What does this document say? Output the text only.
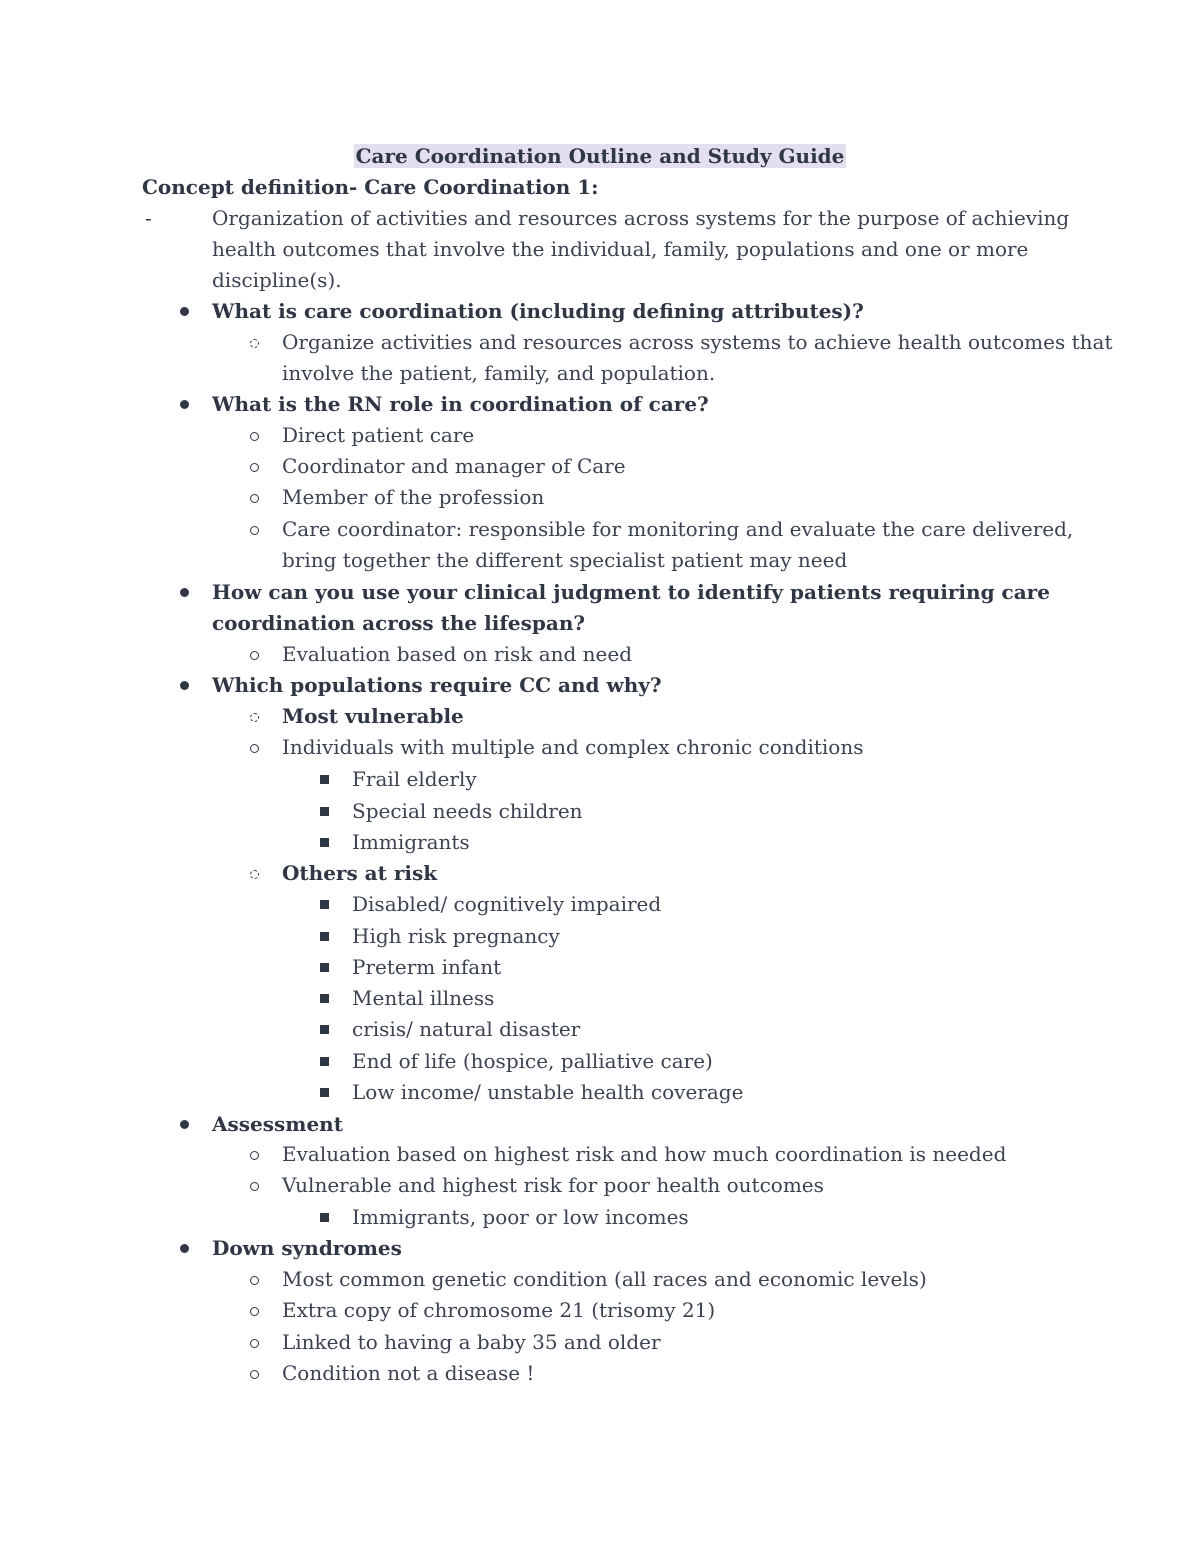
Care Coordination Outline and Study Guide
Concept definition- Care Coordination 1:
-	Organization of activities and resources across systems for the purpose of achieving
health outcomes that involve the individual, family, populations and one or more
discipline(s).
What is care coordination (including defining attributes)?
Organize activities and resources across systems to achieve health outcomes that
involve the patient, family, and population.
What is the RN role in coordination of care?
Direct patient care
Coordinator and manager of Care
Member of the profession
Care coordinator: responsible for monitoring and evaluate the care delivered,
bring together the different specialist patient may need
How can you use your clinical judgment to identify patients requiring care
coordination across the lifespan?
Evaluation based on risk and need
Which populations require CC and why?
Most vulnerable
Individuals with multiple and complex chronic conditions
Frail elderly
Special needs children
Immigrants
Others at risk
Disabled/ cognitively impaired
High risk pregnancy
Preterm infant
Mental illness
crisis/ natural disaster
End of life (hospice, palliative care)
Low income/ unstable health coverage
Assessment
Evaluation based on highest risk and how much coordination is needed
Vulnerable and highest risk for poor health outcomes
Immigrants, poor or low incomes
Down syndromes
Most common genetic condition (all races and economic levels)
Extra copy of chromosome 21 (trisomy 21)
Linked to having a baby 35 and older
Condition not a disease !
